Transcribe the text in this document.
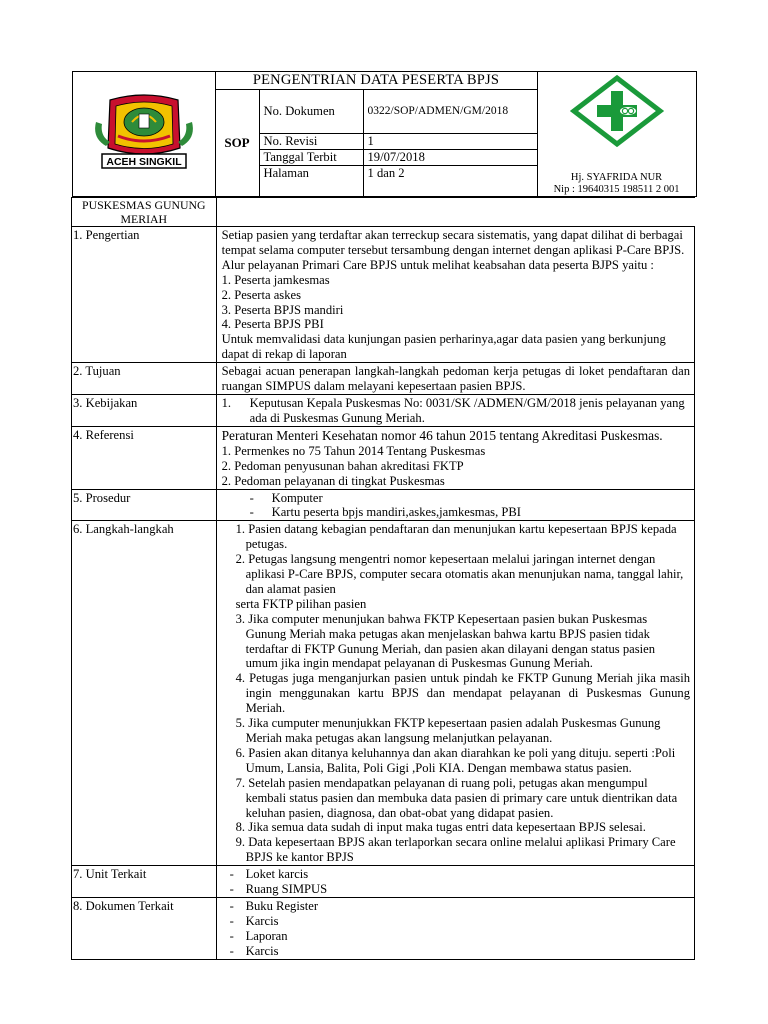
ACEH SINGKIL
	PENGENTRIAN DATA PESERTA BPJS	
Hj. SYAFRIDA NUR
Nip : 19640315 198511 2 001

SOP	No. Dokumen	0322/SOP/ADMEN/GM/2018
No. Revisi	1
Tanggal Terbit	19/07/2018
Halaman	1 dan 2

PUSKESMAS GUNUNG MERIAH	
1. Pengertian	Setiap pasien yang terdaftar akan terreckup secara sistematis, yang dapat dilihat di berbagai tempat selama computer tersebut tersambung dengan internet dengan aplikasi P-Care BPJS. Alur pelayanan Primari Care BPJS untuk melihat keabsahan data peserta BJPS yaitu :

1. Peserta jamkesmas

2. Peserta askes

3. Peserta BPJS mandiri

4. Peserta BPJS PBI

Untuk memvalidasi data kunjungan pasien perharinya,agar data pasien yang berkunjung dapat di rekap di laporan

2. Tujuan	Sebagai acuan penerapan langkah-langkah pedoman kerja petugas di loket pendaftaran dan ruangan SIMPUS dalam melayani kepesertaan pasien BPJS.
3. Kebijakan	1.	Keputusan Kepala Puskesmas No: 0031/SK /ADMEN/GM/2018 jenis pelayanan yang ada di Puskesmas Gunung Meriah.

4. Referensi	Peraturan Menteri Kesehatan nomor 46 tahun 2015 tentang Akreditasi Puskesmas.

1. Permenkes no 75 Tahun 2014 Tentang Puskesmas

2. Pedoman penyusunan bahan akreditasi FKTP

2. Pedoman pelayanan di tingkat Puskesmas

5. Prosedur	- Komputer

- Kartu peserta bpjs mandiri,askes,jamkesmas, PBI

6. Langkah-langkah	1. Pasien datang kebagian pendaftaran dan menunjukan kartu kepesertaan BPJS kepada petugas.

2. Petugas langsung mengentri nomor kepesertaan melalui jaringan internet dengan aplikasi P-Care BPJS, computer secara otomatis akan menunjukan nama, tanggal lahir, dan alamat pasien

serta FKTP pilihan pasien

3. Jika computer menunjukan bahwa FKTP Kepesertaan pasien bukan Puskesmas Gunung Meriah maka petugas akan menjelaskan bahwa kartu BPJS pasien tidak terdaftar di FKTP Gunung Meriah, dan pasien akan dilayani dengan status pasien umum jika ingin mendapat pelayanan di Puskesmas Gunung Meriah.

4. Petugas juga menganjurkan pasien untuk pindah ke FKTP Gunung Meriah jika masih ingin menggunakan kartu BPJS dan mendapat pelayanan di Puskesmas Gunung Meriah.

5. Jika cumputer menunjukkan FKTP kepesertaan pasien adalah Puskesmas Gunung Meriah maka petugas akan langsung melanjutkan pelayanan.

6. Pasien akan ditanya keluhannya dan akan diarahkan ke poli yang dituju. seperti :Poli Umum, Lansia, Balita, Poli Gigi ,Poli KIA. Dengan membawa status pasien.

7. Setelah pasien mendapatkan pelayanan di ruang poli, petugas akan mengumpul kembali status pasien dan membuka data pasien di primary care untuk dientrikan data keluhan pasien, diagnosa, dan obat-obat yang didapat pasien.

8. Jika semua data sudah di input maka tugas entri data kepesertaan BPJS selesai.

9. Data kepesertaan BPJS akan terlaporkan secara online melalui aplikasi Primary Care BPJS ke kantor BPJS

7. Unit Terkait	- Loket karcis

- Ruang SIMPUS

8. Dokumen Terkait	- Buku Register

- Karcis

- Laporan

- Karcis
